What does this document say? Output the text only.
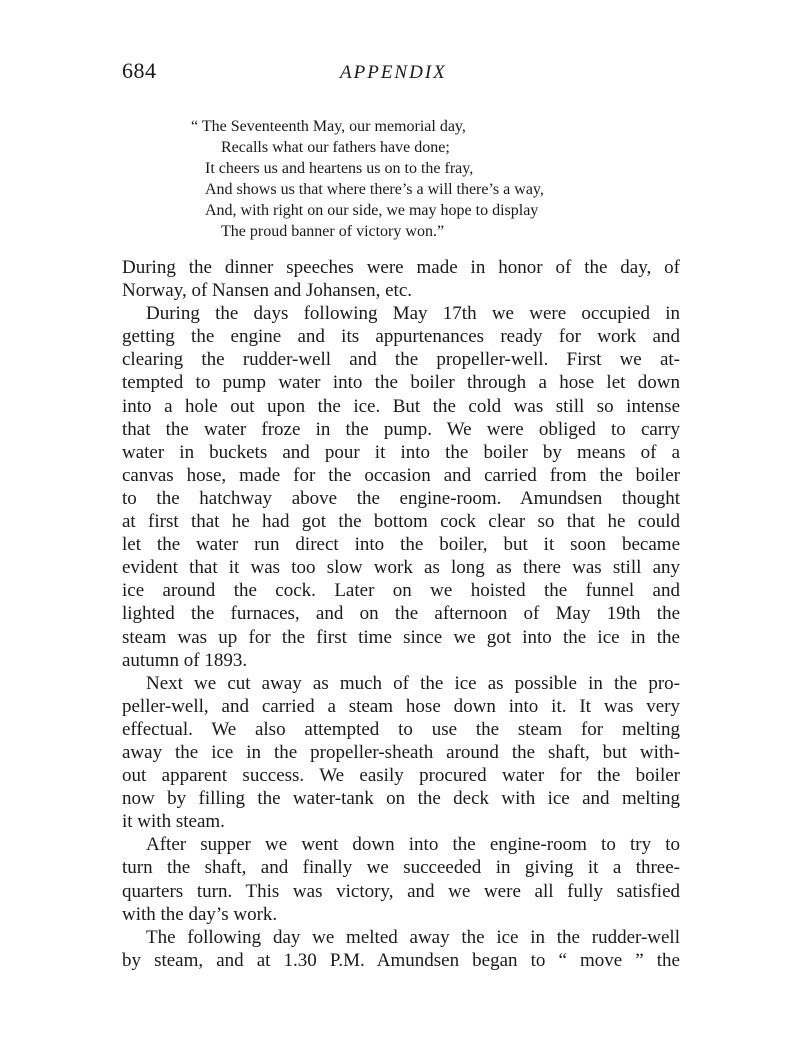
684	APPENDIX
“ The Seventeenth May, our memorial day,
Recalls what our fathers have done;
It cheers us and heartens us on to the fray,
And shows us that where there’s a will there’s a way,
And, with right on our side, we may hope to display
The proud banner of victory won.”

During the dinner speeches were made in honor of the day, of
Norway, of Nansen and Johansen, etc.

During the days following May 17th we were occupied in
getting the engine and its appurtenances ready for work and
clearing the rudder-well and the propeller-well. First we at-
tempted to pump water into the boiler through a hose let down
into a hole out upon the ice. But the cold was still so intense
that the water froze in the pump. We were obliged to carry
water in buckets and pour it into the boiler by means of a
canvas hose, made for the occasion and carried from the boiler
to the hatchway above the engine-room. Amundsen thought
at first that he had got the bottom cock clear so that he could
let the water run direct into the boiler, but it soon became
evident that it was too slow work as long as there was still any
ice around the cock. Later on we hoisted the funnel and
lighted the furnaces, and on the afternoon of May 19th the
steam was up for the first time since we got into the ice in the
autumn of 1893.

Next we cut away as much of the ice as possible in the pro-
peller-well, and carried a steam hose down into it. It was very
effectual. We also attempted to use the steam for melting
away the ice in the propeller-sheath around the shaft, but with-
out apparent success. We easily procured water for the boiler
now by filling the water-tank on the deck with ice and melting
it with steam.

After supper we went down into the engine-room to try to
turn the shaft, and finally we succeeded in giving it a three-
quarters turn. This was victory, and we were all fully satisfied
with the day’s work.

The following day we melted away the ice in the rudder-well
by steam, and at 1.30 P.M. Amundsen began to “ move ” the
